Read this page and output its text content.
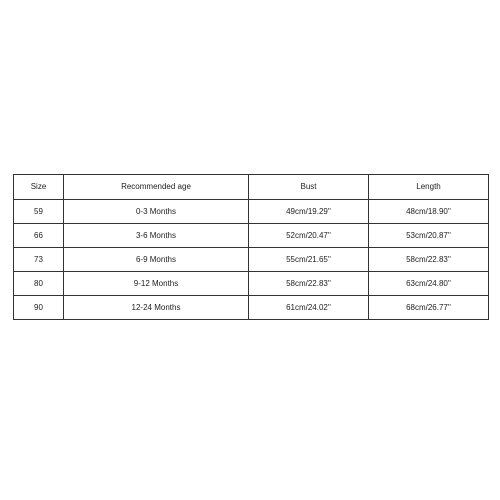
Size	Recommended age	Bust	Length
59	0-3 Months	49cm/19.29''	48cm/18.90''
66	3-6 Months	52cm/20.47''	53cm/20.87''
73	6-9 Months	55cm/21.65''	58cm/22.83''
80	9-12 Months	58cm/22.83''	63cm/24.80''
90	12-24 Months	61cm/24.02''	68cm/26.77''
